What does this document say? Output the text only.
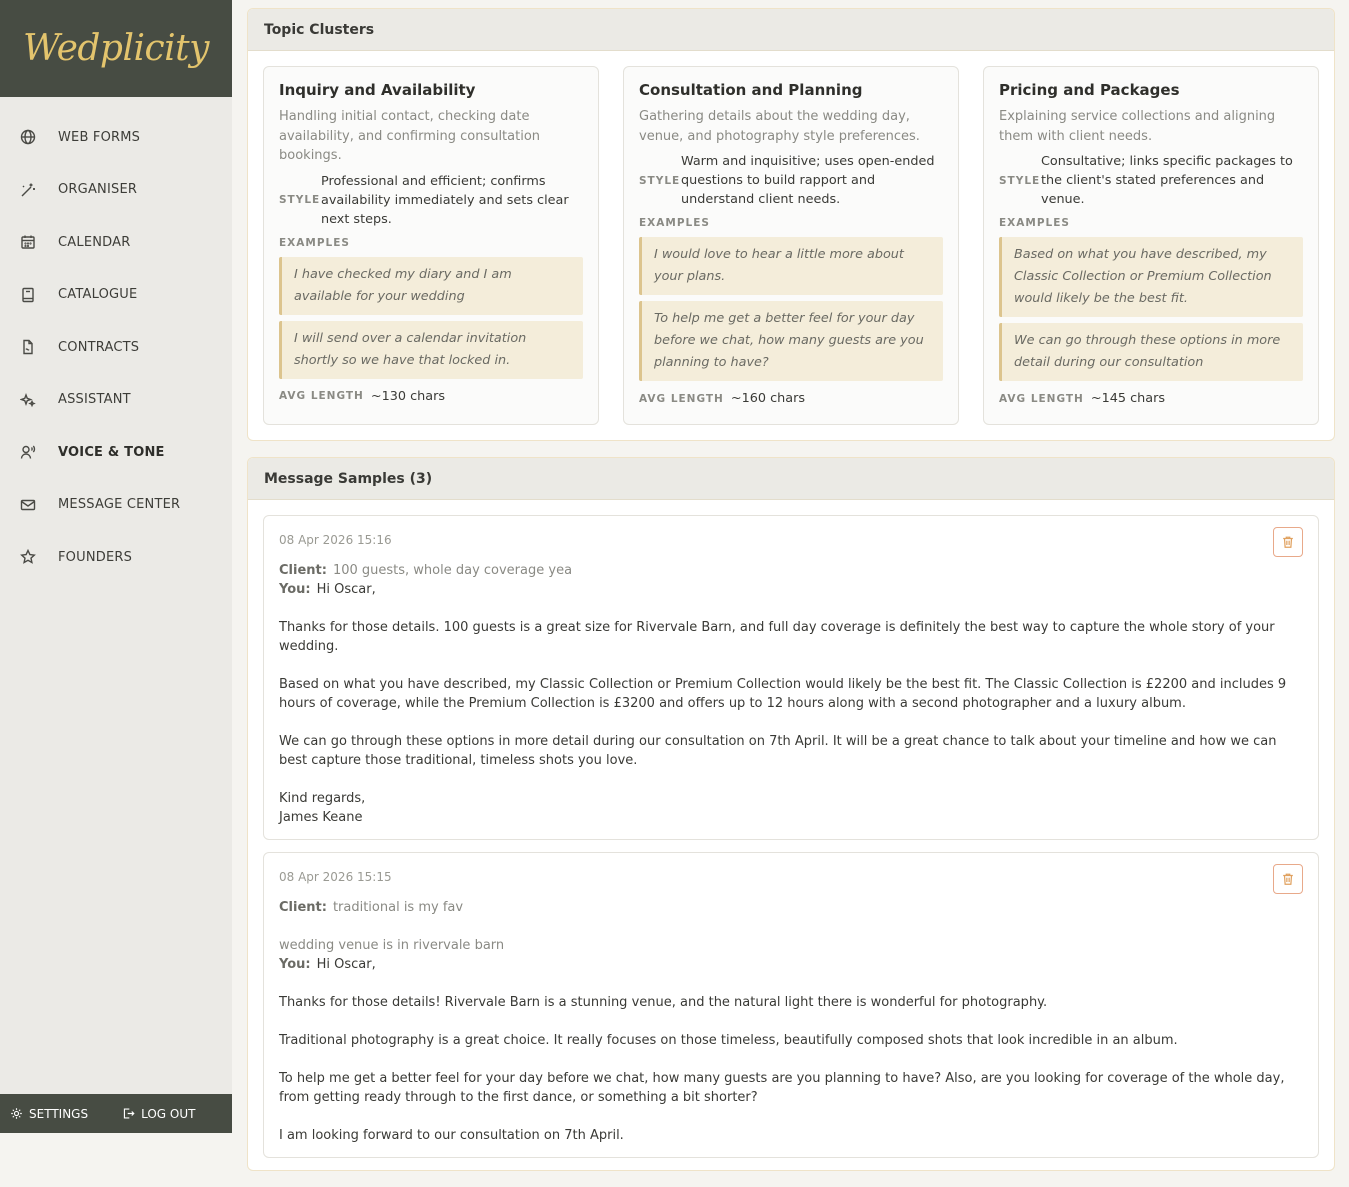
Wedplicity
WEB FORMS
ORGANISER
CALENDAR
CATALOGUE
CONTRACTS
ASSISTANT
VOICE & TONE
MESSAGE CENTER
FOUNDERS
SETTINGS	LOG OUT
Topic Clusters
Inquiry and Availability
Handling initial contact, checking date availability, and confirming consultation bookings.
STYLE
Professional and efficient; confirms availability immediately and sets clear next steps.
EXAMPLES
I have checked my diary and I am available for your wedding
I will send over a calendar invitation shortly so we have that locked in.
AVG LENGTH ~130 chars
Consultation and Planning
Gathering details about the wedding day, venue, and photography style preferences.
STYLE
Warm and inquisitive; uses open-ended questions to build rapport and understand client needs.
EXAMPLES
I would love to hear a little more about your plans.
To help me get a better feel for your day before we chat, how many guests are you planning to have?
AVG LENGTH ~160 chars
Pricing and Packages
Explaining service collections and aligning them with client needs.
STYLE
Consultative; links specific packages to the client's stated preferences and venue.
EXAMPLES
Based on what you have described, my Classic Collection or Premium Collection would likely be the best fit.
We can go through these options in more detail during our consultation
AVG LENGTH ~145 chars
Message Samples (3)
08 Apr 2026 15:16
Client: 100 guests, whole day coverage yea
You: Hi Oscar,
Thanks for those details. 100 guests is a great size for Rivervale Barn, and full day coverage is definitely the best way to capture the whole story of your wedding.
Based on what you have described, my Classic Collection or Premium Collection would likely be the best fit. The Classic Collection is £2200 and includes 9 hours of coverage, while the Premium Collection is £3200 and offers up to 12 hours along with a second photographer and a luxury album.
We can go through these options in more detail during our consultation on 7th April. It will be a great chance to talk about your timeline and how we can best capture those traditional, timeless shots you love.
Kind regards,
James Keane
08 Apr 2026 15:15
Client: traditional is my fav
wedding venue is in rivervale barn
You: Hi Oscar,
Thanks for those details! Rivervale Barn is a stunning venue, and the natural light there is wonderful for photography.
Traditional photography is a great choice. It really focuses on those timeless, beautifully composed shots that look incredible in an album.
To help me get a better feel for your day before we chat, how many guests are you planning to have? Also, are you looking for coverage of the whole day, from getting ready through to the first dance, or something a bit shorter?
I am looking forward to our consultation on 7th April.
